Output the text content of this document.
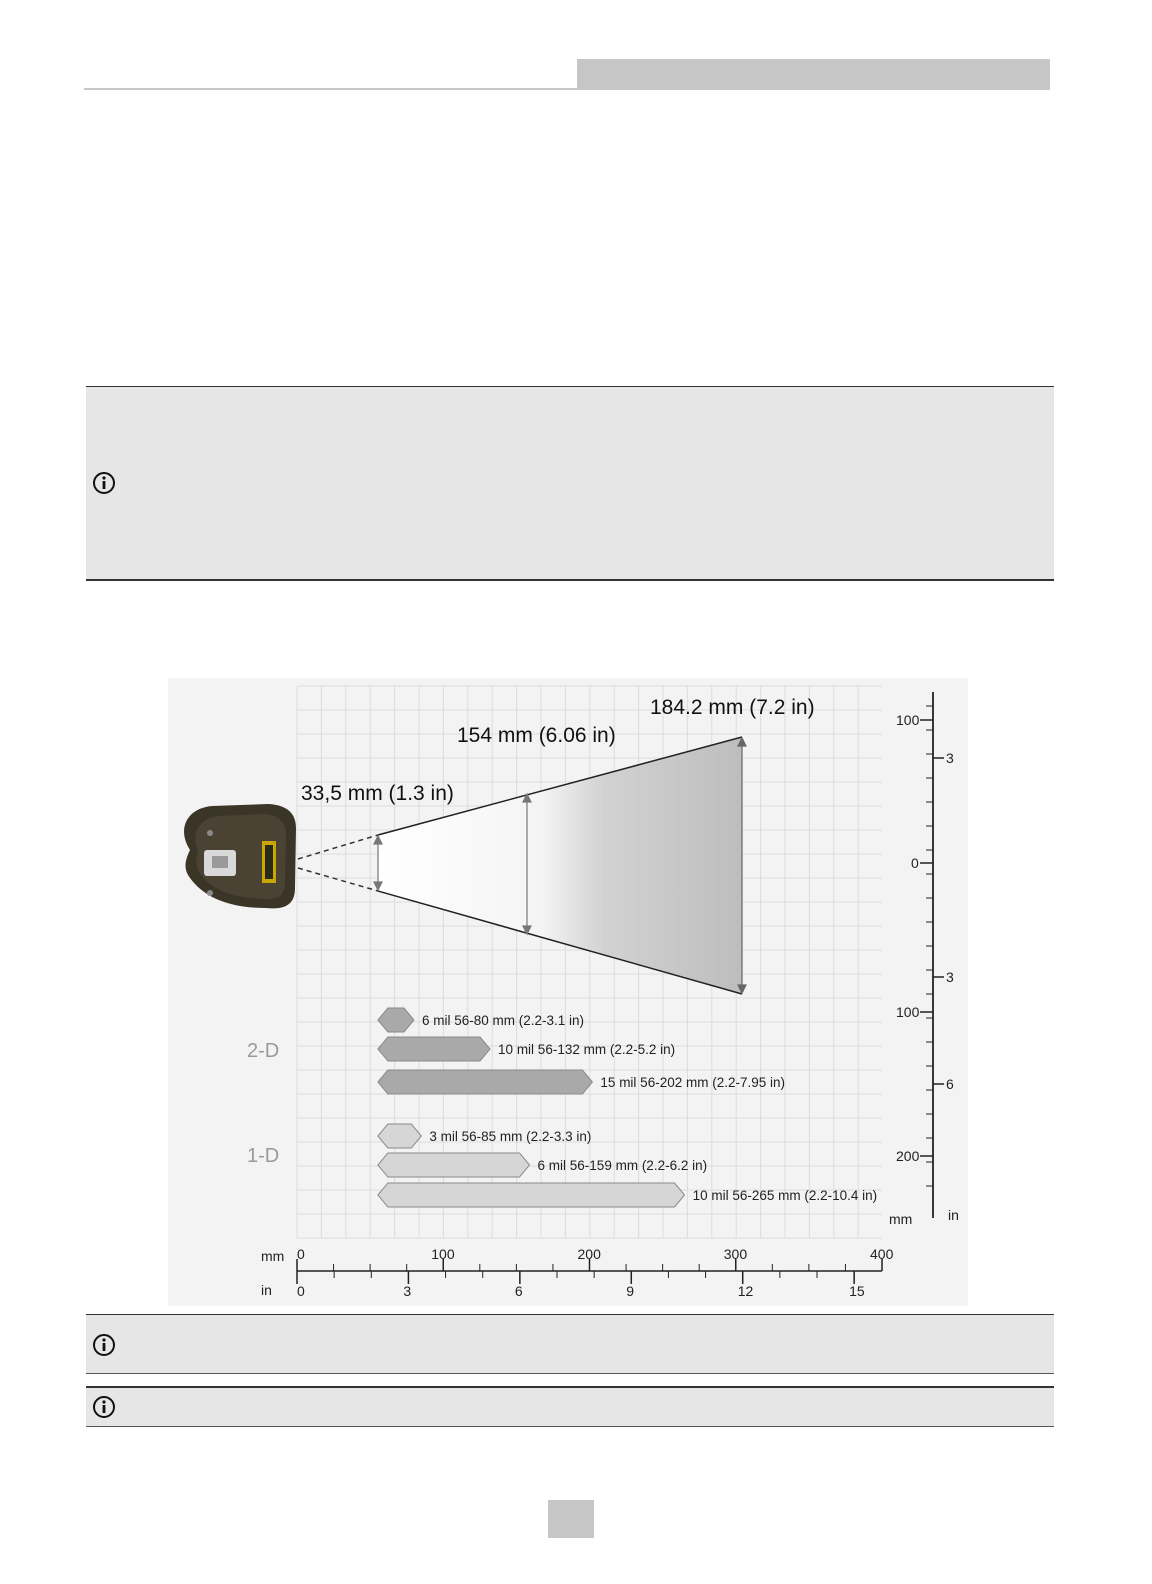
33,5 mm (1.3 in)
154 mm (6.06 in)
184.2 mm (7.2 in)
6 mil 56-80 mm (2.2-3.1 in)
10 mil 56-132 mm (2.2-5.2 in)
15 mil 56-202 mm (2.2-7.95 in)
3 mil 56-85 mm (2.2-3.3 in)
6 mil 56-159 mm (2.2-6.2 in)
10 mil 56-265 mm (2.2-10.4 in)
2-D
1-D
0	100	200	300	400
0	3	6	9	12	15
mm
in
100
0
100
200
3
3
6
mm	in
